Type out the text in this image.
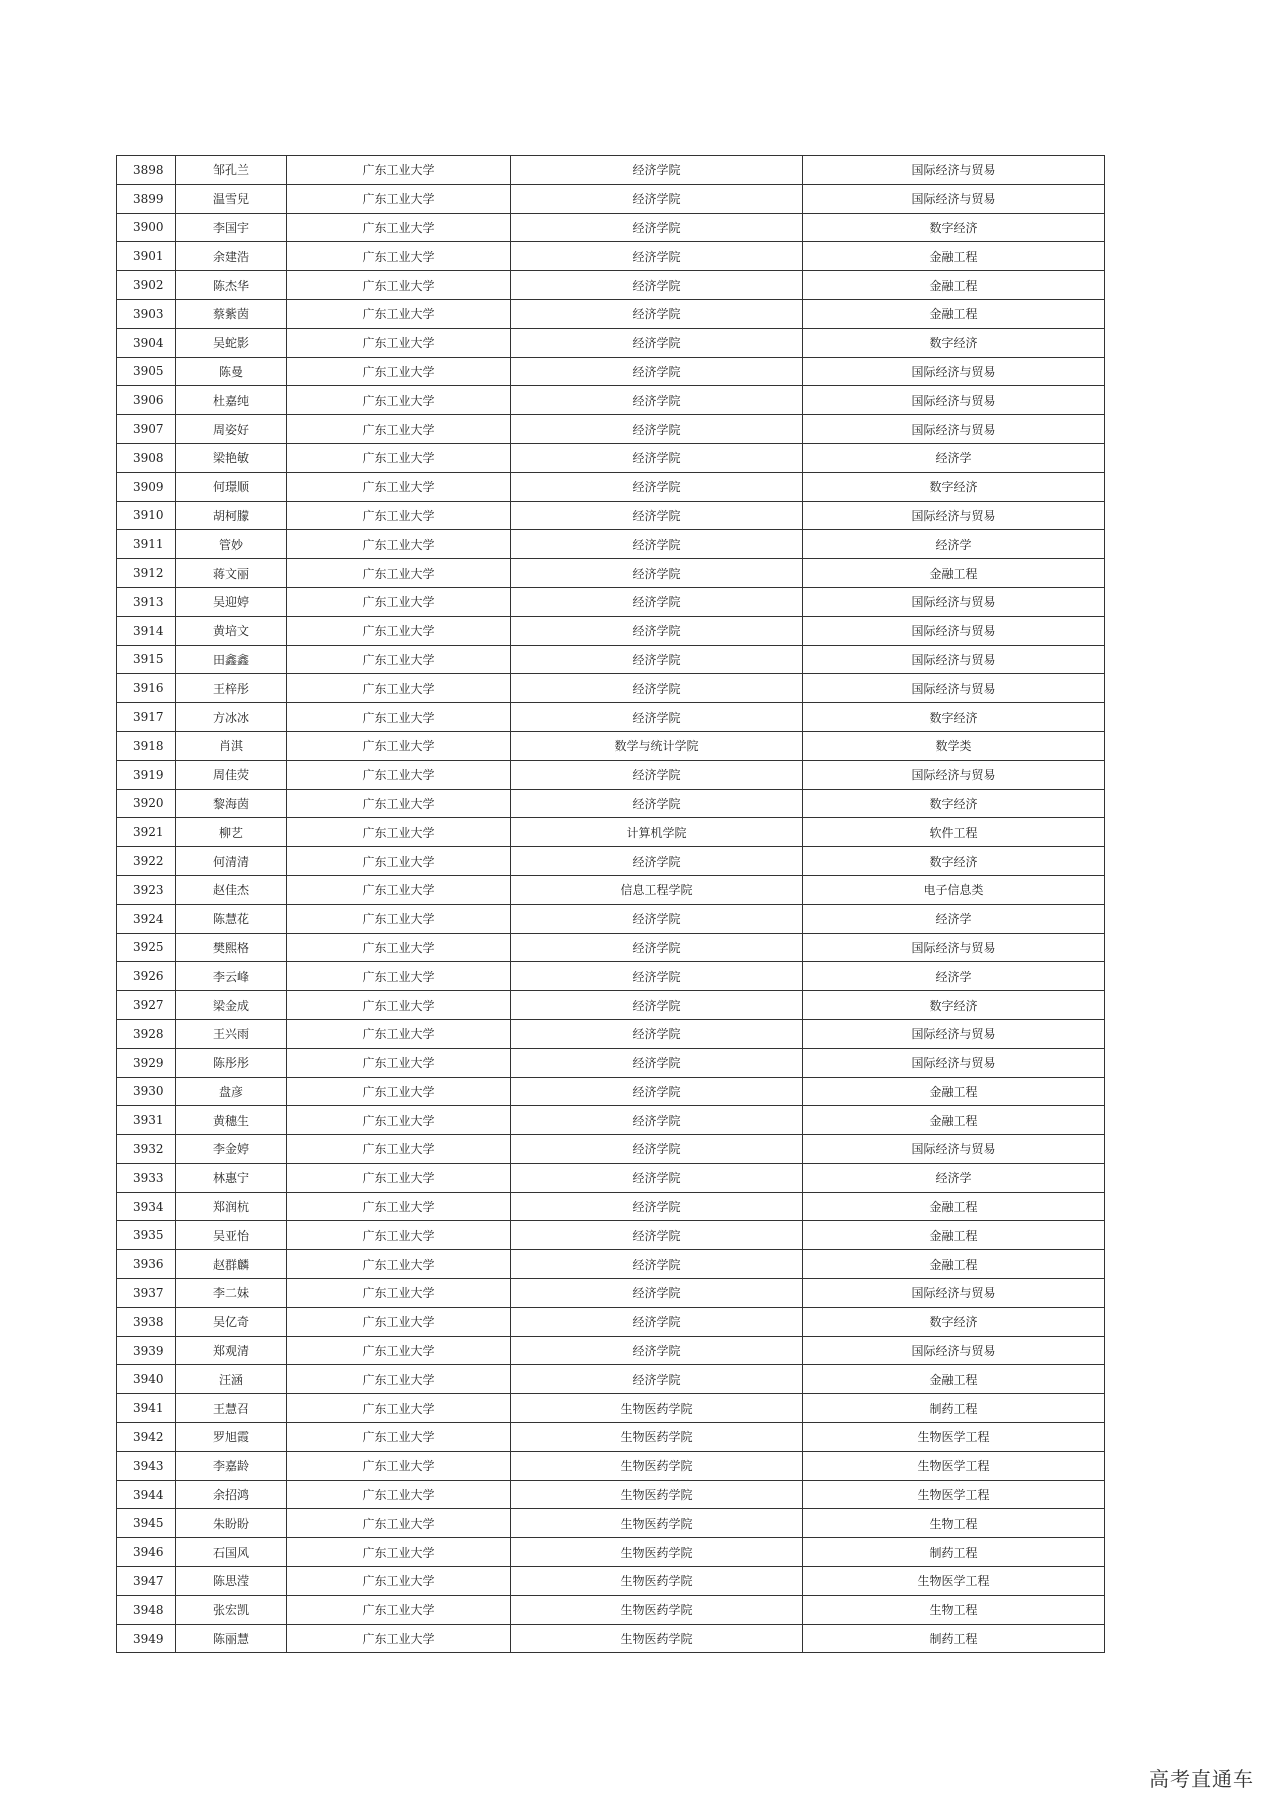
3898	邹孔兰	广东工业大学	经济学院	国际经济与贸易
3899	温雪兒	广东工业大学	经济学院	国际经济与贸易
3900	李国宇	广东工业大学	经济学院	数字经济
3901	余建浩	广东工业大学	经济学院	金融工程
3902	陈杰华	广东工业大学	经济学院	金融工程
3903	蔡紫茵	广东工业大学	经济学院	金融工程
3904	吴蛇影	广东工业大学	经济学院	数字经济
3905	陈曼	广东工业大学	经济学院	国际经济与贸易
3906	杜嘉纯	广东工业大学	经济学院	国际经济与贸易
3907	周姿好	广东工业大学	经济学院	国际经济与贸易
3908	梁艳敏	广东工业大学	经济学院	经济学
3909	何璟顺	广东工业大学	经济学院	数字经济
3910	胡柯朦	广东工业大学	经济学院	国际经济与贸易
3911	管妙	广东工业大学	经济学院	经济学
3912	蒋文丽	广东工业大学	经济学院	金融工程
3913	吴迎婷	广东工业大学	经济学院	国际经济与贸易
3914	黄培文	广东工业大学	经济学院	国际经济与贸易
3915	田鑫鑫	广东工业大学	经济学院	国际经济与贸易
3916	王梓彤	广东工业大学	经济学院	国际经济与贸易
3917	方冰冰	广东工业大学	经济学院	数字经济
3918	肖淇	广东工业大学	数学与统计学院	数学类
3919	周佳荧	广东工业大学	经济学院	国际经济与贸易
3920	黎海茵	广东工业大学	经济学院	数字经济
3921	柳艺	广东工业大学	计算机学院	软件工程
3922	何清清	广东工业大学	经济学院	数字经济
3923	赵佳杰	广东工业大学	信息工程学院	电子信息类
3924	陈慧花	广东工业大学	经济学院	经济学
3925	樊熙格	广东工业大学	经济学院	国际经济与贸易
3926	李云峰	广东工业大学	经济学院	经济学
3927	梁金成	广东工业大学	经济学院	数字经济
3928	王兴雨	广东工业大学	经济学院	国际经济与贸易
3929	陈彤彤	广东工业大学	经济学院	国际经济与贸易
3930	盘彦	广东工业大学	经济学院	金融工程
3931	黄穗生	广东工业大学	经济学院	金融工程
3932	李金婷	广东工业大学	经济学院	国际经济与贸易
3933	林惠宁	广东工业大学	经济学院	经济学
3934	郑润杭	广东工业大学	经济学院	金融工程
3935	吴亚怡	广东工业大学	经济学院	金融工程
3936	赵群麟	广东工业大学	经济学院	金融工程
3937	李二妹	广东工业大学	经济学院	国际经济与贸易
3938	吴亿奇	广东工业大学	经济学院	数字经济
3939	郑观清	广东工业大学	经济学院	国际经济与贸易
3940	汪涵	广东工业大学	经济学院	金融工程
3941	王慧召	广东工业大学	生物医药学院	制药工程
3942	罗旭霞	广东工业大学	生物医药学院	生物医学工程
3943	李嘉龄	广东工业大学	生物医药学院	生物医学工程
3944	余招鸿	广东工业大学	生物医药学院	生物医学工程
3945	朱盼盼	广东工业大学	生物医药学院	生物工程
3946	石国风	广东工业大学	生物医药学院	制药工程
3947	陈思滢	广东工业大学	生物医药学院	生物医学工程
3948	张宏凯	广东工业大学	生物医药学院	生物工程
3949	陈丽慧	广东工业大学	生物医药学院	制药工程
高考直通车
